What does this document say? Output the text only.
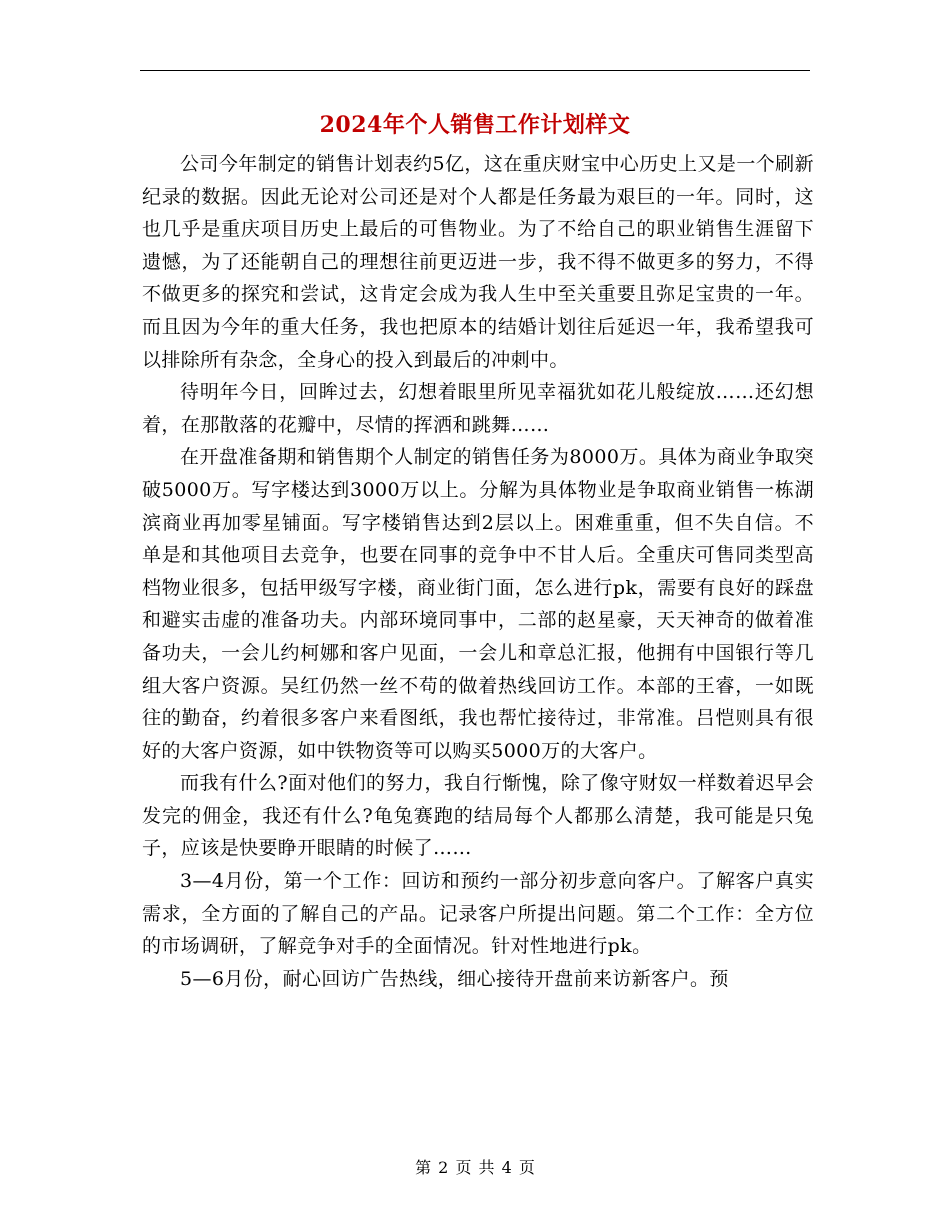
2024年个人销售工作计划样文

公司今年制定的销售计划表约5亿，这在重庆财宝中心历史上又是一个刷新纪录的数据。因此无论对公司还是对个人都是任务最为艰巨的一年。同时，这也几乎是重庆项目历史上最后的可售物业。为了不给自己的职业销售生涯留下遗憾，为了还能朝自己的理想往前更迈进一步，我不得不做更多的努力，不得不做更多的探究和尝试，这肯定会成为我人生中至关重要且弥足宝贵的一年。而且因为今年的重大任务，我也把原本的结婚计划往后延迟一年，我希望我可以排除所有杂念，全身心的投入到最后的冲刺中。

待明年今日，回眸过去，幻想着眼里所见幸福犹如花儿般绽放……还幻想着，在那散落的花瓣中，尽情的挥洒和跳舞……

在开盘准备期和销售期个人制定的销售任务为8000万。具体为商业争取突破5000万。写字楼达到3000万以上。分解为具体物业是争取商业销售一栋湖滨商业再加零星铺面。写字楼销售达到2层以上。困难重重，但不失自信。不单是和其他项目去竞争，也要在同事的竞争中不甘人后。全重庆可售同类型高档物业很多，包括甲级写字楼，商业街门面，怎么进行pk，需要有良好的踩盘和避实击虚的准备功夫。内部环境同事中，二部的赵星豪，天天神奇的做着准备功夫，一会儿约柯娜和客户见面，一会儿和章总汇报，他拥有中国银行等几组大客户资源。吴红仍然一丝不苟的做着热线回访工作。本部的王睿，一如既往的勤奋，约着很多客户来看图纸，我也帮忙接待过，非常准。吕恺则具有很好的大客户资源，如中铁物资等可以购买5000万的大客户。

而我有什么?面对他们的努力，我自行惭愧，除了像守财奴一样数着迟早会发完的佣金，我还有什么?龟兔赛跑的结局每个人都那么清楚，我可能是只兔子，应该是快要睁开眼睛的时候了……

3—4月份，第一个工作：回访和预约一部分初步意向客户。了解客户真实需求，全方面的了解自己的产品。记录客户所提出问题。第二个工作：全方位的市场调研，了解竞争对手的全面情况。针对性地进行pk。

5—6月份，耐心回访广告热线，细心接待开盘前来访新客户。预

第 2 页 共 4 页
